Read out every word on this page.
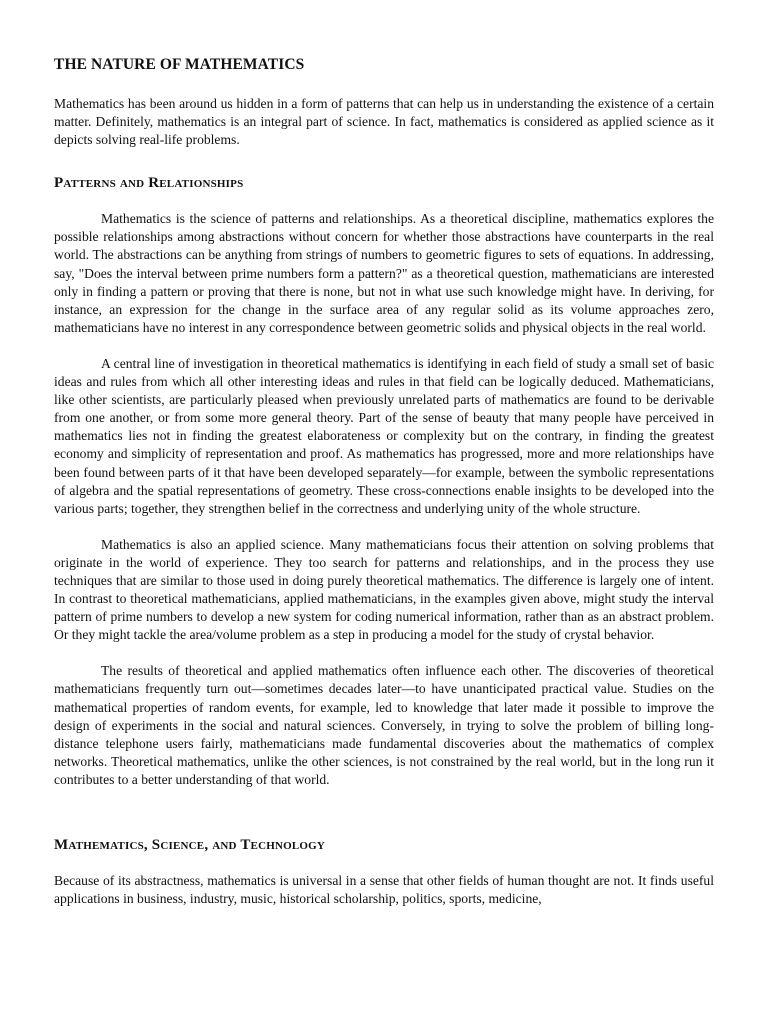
THE NATURE OF MATHEMATICS

Mathematics has been around us hidden in a form of patterns that can help us in understanding the existence of a certain matter. Definitely, mathematics is an integral part of science. In fact, mathematics is considered as applied science as it depicts solving real-life problems.

Patterns and Relationships

Mathematics is the science of patterns and relationships. As a theoretical discipline, mathematics explores the possible relationships among abstractions without concern for whether those abstractions have counterparts in the real world. The abstractions can be anything from strings of numbers to geometric figures to sets of equations. In addressing, say, "Does the interval between prime numbers form a pattern?" as a theoretical question, mathematicians are interested only in finding a pattern or proving that there is none, but not in what use such knowledge might have. In deriving, for instance, an expression for the change in the surface area of any regular solid as its volume approaches zero, mathematicians have no interest in any correspondence between geometric solids and physical objects in the real world.

A central line of investigation in theoretical mathematics is identifying in each field of study a small set of basic ideas and rules from which all other interesting ideas and rules in that field can be logically deduced. Mathematicians, like other scientists, are particularly pleased when previously unrelated parts of mathematics are found to be derivable from one another, or from some more general theory. Part of the sense of beauty that many people have perceived in mathematics lies not in finding the greatest elaborateness or complexity but on the contrary, in finding the greatest economy and simplicity of representation and proof. As mathematics has progressed, more and more relationships have been found between parts of it that have been developed separately—for example, between the symbolic representations of algebra and the spatial representations of geometry. These cross-connections enable insights to be developed into the various parts; together, they strengthen belief in the correctness and underlying unity of the whole structure.

Mathematics is also an applied science. Many mathematicians focus their attention on solving problems that originate in the world of experience. They too search for patterns and relationships, and in the process they use techniques that are similar to those used in doing purely theoretical mathematics. The difference is largely one of intent. In contrast to theoretical mathematicians, applied mathematicians, in the examples given above, might study the interval pattern of prime numbers to develop a new system for coding numerical information, rather than as an abstract problem. Or they might tackle the area/volume problem as a step in producing a model for the study of crystal behavior.

The results of theoretical and applied mathematics often influence each other. The discoveries of theoretical mathematicians frequently turn out—sometimes decades later—to have unanticipated practical value. Studies on the mathematical properties of random events, for example, led to knowledge that later made it possible to improve the design of experiments in the social and natural sciences. Conversely, in trying to solve the problem of billing long-distance telephone users fairly, mathematicians made fundamental discoveries about the mathematics of complex networks. Theoretical mathematics, unlike the other sciences, is not constrained by the real world, but in the long run it contributes to a better understanding of that world.

Mathematics, Science, and Technology

Because of its abstractness, mathematics is universal in a sense that other fields of human thought are not. It finds useful applications in business, industry, music, historical scholarship, politics, sports, medicine,
